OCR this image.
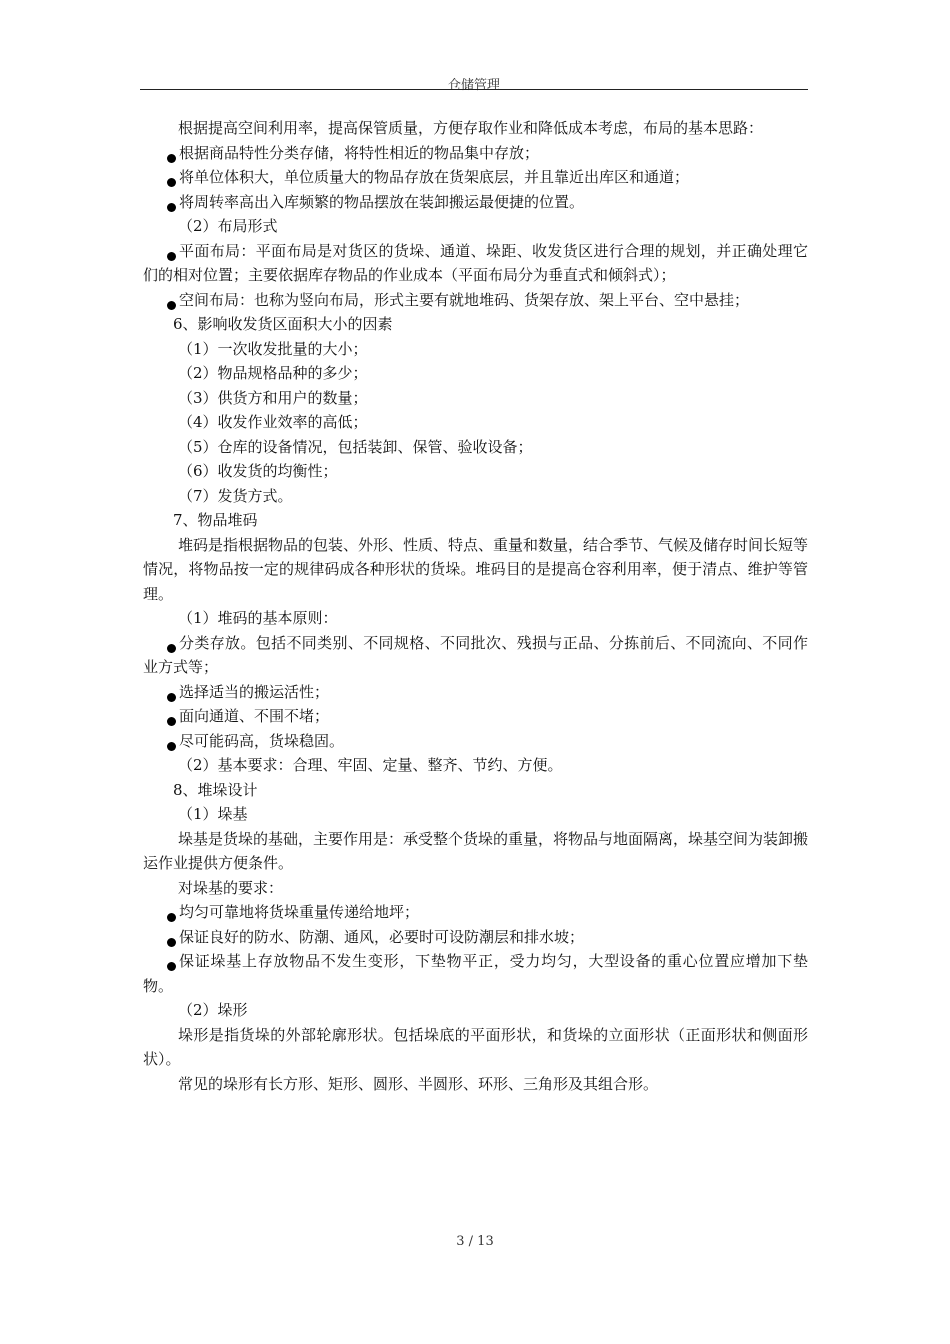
仓储管理

根据提高空间利用率，提高保管质量，方便存取作业和降低成本考虑，布局的基本思路：

根据商品特性分类存储，将特性相近的物品集中存放；

将单位体积大，单位质量大的物品存放在货架底层，并且靠近出库区和通道；

将周转率高出入库频繁的物品摆放在装卸搬运最便捷的位置。

（2）布局形式

平面布局：平面布局是对货区的货垛、通道、垛距、收发货区进行合理的规划，并正确处理它们的相对位置；主要依据库存物品的作业成本（平面布局分为垂直式和倾斜式）；

空间布局：也称为竖向布局，形式主要有就地堆码、货架存放、架上平台、空中悬挂；

6、影响收发货区面积大小的因素

（1）一次收发批量的大小；

（2）物品规格品种的多少；

（3）供货方和用户的数量；

（4）收发作业效率的高低；

（5）仓库的设备情况，包括装卸、保管、验收设备；

（6）收发货的均衡性；

（7）发货方式。

7、物品堆码

堆码是指根据物品的包装、外形、性质、特点、重量和数量，结合季节、气候及储存时间长短等情况，将物品按一定的规律码成各种形状的货垛。堆码目的是提高仓容利用率，便于清点、维护等管理。

（1）堆码的基本原则：

分类存放。包括不同类别、不同规格、不同批次、残损与正品、分拣前后、不同流向、不同作业方式等；

选择适当的搬运活性；

面向通道、不围不堵；

尽可能码高，货垛稳固。

（2）基本要求：合理、牢固、定量、整齐、节约、方便。

8、堆垛设计

（1）垛基

垛基是货垛的基础，主要作用是：承受整个货垛的重量，将物品与地面隔离，垛基空间为装卸搬运作业提供方便条件。

对垛基的要求：

均匀可靠地将货垛重量传递给地坪；

保证良好的防水、防潮、通风，必要时可设防潮层和排水坡；

保证垛基上存放物品不发生变形，下垫物平正，受力均匀，大型设备的重心位置应增加下垫物。

（2）垛形

垛形是指货垛的外部轮廓形状。包括垛底的平面形状，和货垛的立面形状（正面形状和侧面形状）。

常见的垛形有长方形、矩形、圆形、半圆形、环形、三角形及其组合形。

3 / 13
